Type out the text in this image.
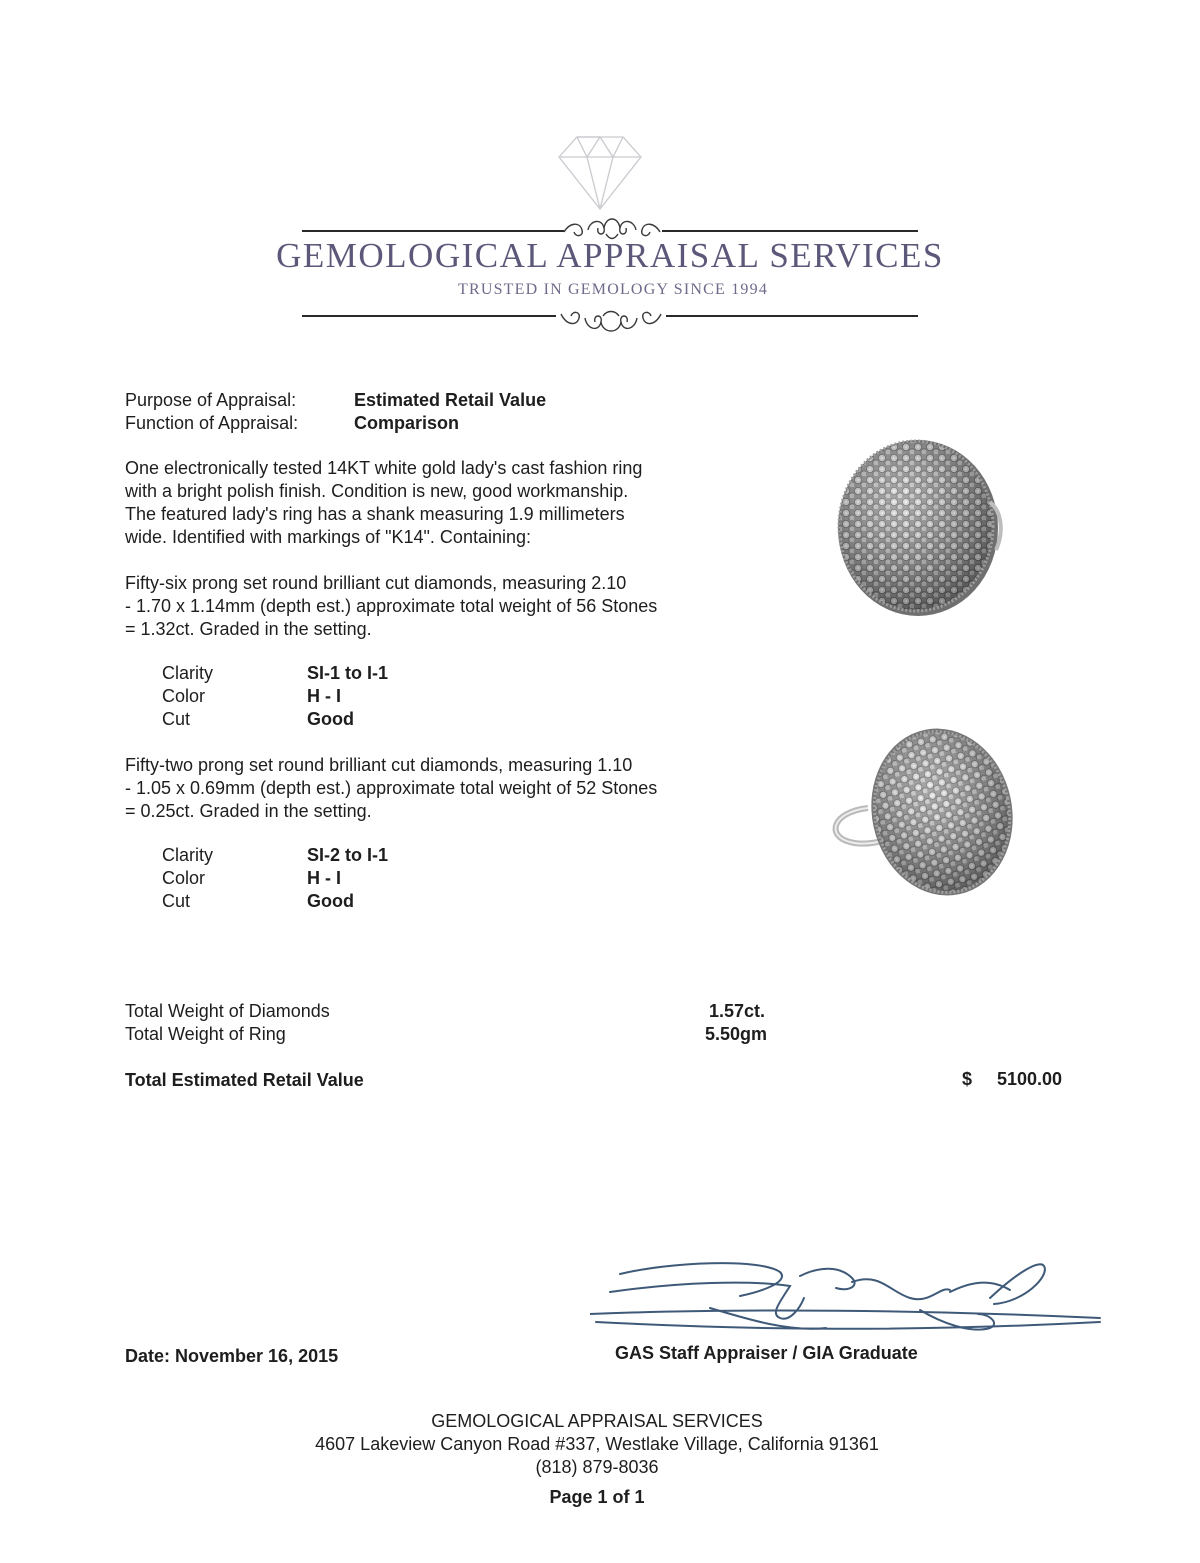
GEMOLOGICAL APPRAISAL SERVICES
TRUSTED IN GEMOLOGY SINCE 1994
Purpose of Appraisal:	Estimated Retail Value
Function of Appraisal:	Comparison
One electronically tested 14KT white gold lady's cast fashion ring
with a bright polish finish. Condition is new, good workmanship.
The featured lady's ring has a shank measuring 1.9 millimeters
wide. Identified with markings of "K14". Containing:
Fifty-six prong set round brilliant cut diamonds, measuring 2.10
- 1.70 x 1.14mm (depth est.) approximate total weight of 56 Stones
= 1.32ct. Graded in the setting.
Clarity	SI-1 to I-1
Color	H - I
Cut	Good
Fifty-two prong set round brilliant cut diamonds, measuring 1.10
- 1.05 x 0.69mm (depth est.) approximate total weight of 52 Stones
= 0.25ct. Graded in the setting.
Clarity	SI-2 to I-1
Color	H - I
Cut	Good
Total Weight of Diamonds	1.57ct.
Total Weight of Ring	5.50gm
Total Estimated Retail Value	$ 5100.00
Date: November 16, 2015	GAS Staff Appraiser / GIA Graduate
GEMOLOGICAL APPRAISAL SERVICES
4607 Lakeview Canyon Road #337, Westlake Village, California 91361
(818) 879-8036
Page 1 of 1
